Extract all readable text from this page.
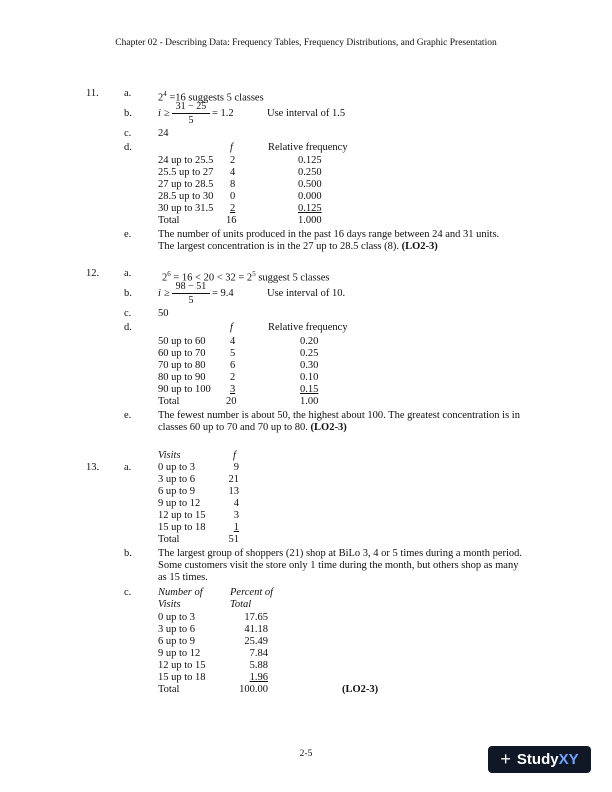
Chapter 02 - Describing Data: Frequency Tables, Frequency Distributions, and Graphic Presentation
11. a.	$2^4 =16$ suggests 5 classes
b. i ≥
31 − 25
5
= 1.2	Use interval of 1.5
c.	24
d.	f	Relative frequency
24 up to 25.5 2	0.125
25.5 up to 27 4	0.250
27 up to 28.5 8	0.500
28.5 up to 30 0	0.000
30 up to 31.5 2	0.125
Total	16	1.000
e.	The number of units produced in the past 16 days range between 24 and 31 units.
The largest concentration is in the 27 up to 28.5 class (8). (LO2-3)
12. a.	$2^6 = 16 < 20 < 32 = 2^5$ suggest 5 classes
b. i ≥
98 − 51
5
= 9.4	Use interval of 10.
c.	50
d.	f	Relative frequency
50 up to 60 4	0.20
60 up to 70 5	0.25
70 up to 80 6	0.30
80 up to 90 2	0.10
90 up to 100 3	0.15
Total	20	1.00
e.	The fewest number is about 50, the highest about 100. The greatest concentration is in
classes 60 up to 70 and 70 up to 80. (LO2-3)
Visits	f
13. a.	0 up to 3	9
3 up to 6	21
6 up to 9	13
9 up to 12	4
12 up to 15	3
15 up to 18	1
Total	51
b. The largest group of shoppers (21) shop at BiLo 3, 4 or 5 times during a month period.
Some customers visit the store only 1 time during the month, but others shop as many
as 15 times.
c.	Number of
Visits
Percent of
Total
0 up to 3	17.65
3 up to 6	41.18
6 up to 9	25.49
9 up to 12	7.84
12 up to 15	5.88
15 up to 18	1.96
Total	100.00	(LO2-3)
2-5	+ Study XY
